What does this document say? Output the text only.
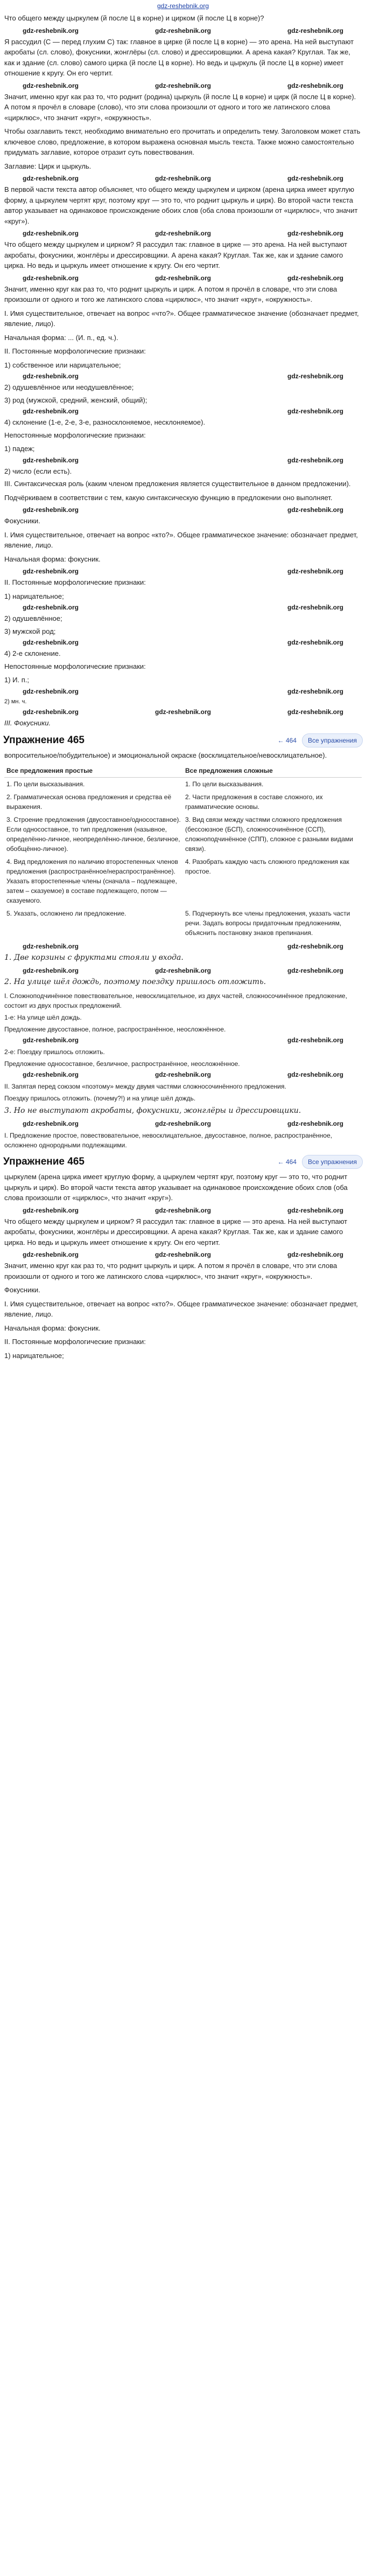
gdz-reshebnik.org

Что общего между цыркулем (й после Ц в корне) и цирком (й после Ц в корне)?

gdz-reshebnik.org	gdz-reshebnik.org	gdz-reshebnik.org

Я рассудил (С — перед глухим С) так: главное в цирке (й после Ц в корне) — это арена. На ней выступают акробаты (сл. слово), фокусники, жонглёры (сл. слово) и дрессировщики. А арена какая? Круглая. Так же, как и здание (сл. слово) самого цирка (й после Ц в корне). Но ведь и цыркуль (й после Ц в корне) имеет отношение к кругу. Он его чертит.

gdz-reshebnik.org	gdz-reshebnik.org	gdz-reshebnik.org

Значит, именно круг как раз то, что роднит (родина) цыркуль (й после Ц в корне) и цирк (й после Ц в корне). А потом я прочёл в словаре (слово), что эти слова произошли от одного и того же латинского слова «цирклюс», что значит «круг», «окружность».

Чтобы озаглавить текст, необходимо внимательно его прочитать и определить тему. Заголовком может стать ключевое слово, предложение, в котором выражена основная мысль текста. Также можно самостоятельно придумать заглавие, которое отразит суть повествования.

Заглавие: Цирк и цыркуль.

gdz-reshebnik.org	gdz-reshebnik.org	gdz-reshebnik.org

В первой части текста автор объясняет, что общего между цыркулем и цирком (арена цирка имеет круглую форму, а цыркулем чертят круг, поэтому круг — это то, что роднит цыркуль и цирк). Во второй части текста автор указывает на одинаковое происхождение обоих слов (оба слова произошли от «цирклюс», что значит «круг»).

gdz-reshebnik.org	gdz-reshebnik.org	gdz-reshebnik.org

Что общего между цыркулем и цирком? Я рассудил так: главное в цирке — это арена. На ней выступают акробаты, фокусники, жонглёры и дрессировщики. А арена какая? Круглая. Так же, как и здание самого цирка. Но ведь и цыркуль имеет отношение к кругу. Он его чертит.

gdz-reshebnik.org	gdz-reshebnik.org	gdz-reshebnik.org

Значит, именно круг как раз то, что роднит цыркуль и цирк. А потом я прочёл в словаре, что эти слова произошли от одного и того же латинского слова «цирклюс», что значит «круг», «окружность».

I. Имя существительное, отвечает на вопрос «что?». Общее грамматическое значение (обозначает предмет, явление, лицо).

Начальная форма: ... (И. п., ед. ч.).

II. Постоянные морфологические признаки:

1) собственное или нарицательное;

gdz-reshebnik.org	gdz-reshebnik.org

2) одушевлённое или неодушевлённое;

3) род (мужской, средний, женский, общий);

gdz-reshebnik.org	gdz-reshebnik.org

4) склонение (1-е, 2-е, 3-е, разносклоняемое, несклоняемое).

Непостоянные морфологические признаки:

1) падеж;

gdz-reshebnik.org	gdz-reshebnik.org

2) число (если есть).

III. Синтаксическая роль (каким членом предложения является существительное в данном предложении).

Подчёркиваем в соответствии с тем, какую синтаксическую функцию в предложении оно выполняет.

gdz-reshebnik.org	gdz-reshebnik.org

Фокусники.

I. Имя существительное, отвечает на вопрос «кто?». Общее грамматическое значение: обозначает предмет, явление, лицо.

Начальная форма: фокусник.

gdz-reshebnik.org	gdz-reshebnik.org

II. Постоянные морфологические признаки:

1) нарицательное;

gdz-reshebnik.org	gdz-reshebnik.org

2) одушевлённое;

3) мужской род;

gdz-reshebnik.org	gdz-reshebnik.org

4) 2-е склонение.

Непостоянные морфологические признаки:

1) И. п.;

gdz-reshebnik.org	gdz-reshebnik.org

2) мн. ч.

gdz-reshebnik.org	gdz-reshebnik.org	gdz-reshebnik.org

III. Фокусники.

Упражнение 465	← 464	Все упражнения

вопросительное/побудительное) и эмоциональной окраске (восклицательное/невосклицательное).

Все предложения простые	Все предложения сложные
1. По цели высказывания.	1. По цели высказывания.
2. Грамматическая основа предложения и средства её выражения.	2. Части предложения в составе сложного, их грамматические основы.
3. Строение предложения (двусоставное/односоставное). Если односоставное, то тип предложения (назывное, определённо-личное, неопределённо-личное, безличное, обобщённо-личное).	3. Вид связи между частями сложного предложения (бессоюзное (БСП), сложносочинённое (ССП), сложноподчинённое (СПП), сложное с разными видами связи).
4. Вид предложения по наличию второстепенных членов предложения (распространённое/нераспространённое). Указать второстепенные члены (сначала – подлежащее, затем – сказуемое) в составе подлежащего, потом — сказуемого.	4. Разобрать каждую часть сложного предложения как простое.
5. Указать, осложнено ли предложение.	5. Подчеркнуть все члены предложения, указать части речи. Задать вопросы придаточным предложениям, объяснить постановку знаков препинания.
gdz-reshebnik.org	gdz-reshebnik.org

1. Две корзины с фруктами стояли у входа.

gdz-reshebnik.org	gdz-reshebnik.org	gdz-reshebnik.org

2. На улице шёл дождь, поэтому поездку пришлось отложить.

I. Сложноподчинённое повествовательное, невосклицательное, из двух частей, сложносочинённое предложение, состоит из двух простых предложений.

1-е: На улице шёл дождь.

Предложение двусоставное, полное, распространённое, неосложнённое.

gdz-reshebnik.org	gdz-reshebnik.org

2-е: Поездку пришлось отложить.

Предложение односоставное, безличное, распространённое, неосложнённое.

gdz-reshebnik.org	gdz-reshebnik.org	gdz-reshebnik.org

II. Запятая перед союзом «поэтому» между двумя частями сложносочинённого предложения.

Поездку пришлось отложить. (почему?!) и на улице шёл дождь.

3. Но не выступают акробаты, фокусники, жонглёры и дрессировщики.

gdz-reshebnik.org	gdz-reshebnik.org	gdz-reshebnik.org

I. Предложение простое, повествовательное, невосклицательное, двусоставное, полное, распространённое, осложнено однородными подлежащими.

Упражнение 465	← 464	Все упражнения

цыркулем (арена цирка имеет круглую форму, а цыркулем чертят круг, поэтому круг — это то, что роднит цыркуль и цирк). Во второй части текста автор указывает на одинаковое происхождение обоих слов (оба слова произошли от «цирклюс», что значит «круг»).

gdz-reshebnik.org	gdz-reshebnik.org	gdz-reshebnik.org

Что общего между цыркулем и цирком? Я рассудил так: главное в цирке — это арена. На ней выступают акробаты, фокусники, жонглёры и дрессировщики. А арена какая? Круглая. Так же, как и здание самого цирка. Но ведь и цыркуль имеет отношение к кругу. Он его чертит.

gdz-reshebnik.org	gdz-reshebnik.org	gdz-reshebnik.org

Значит, именно круг как раз то, что роднит цыркуль и цирк. А потом я прочёл в словаре, что эти слова произошли от одного и того же латинского слова «цирклюс», что значит «круг», «окружность».

Фокусники.

I. Имя существительное, отвечает на вопрос «кто?». Общее грамматическое значение: обозначает предмет, явление, лицо.

Начальная форма: фокусник.

II. Постоянные морфологические признаки:

1) нарицательное;
